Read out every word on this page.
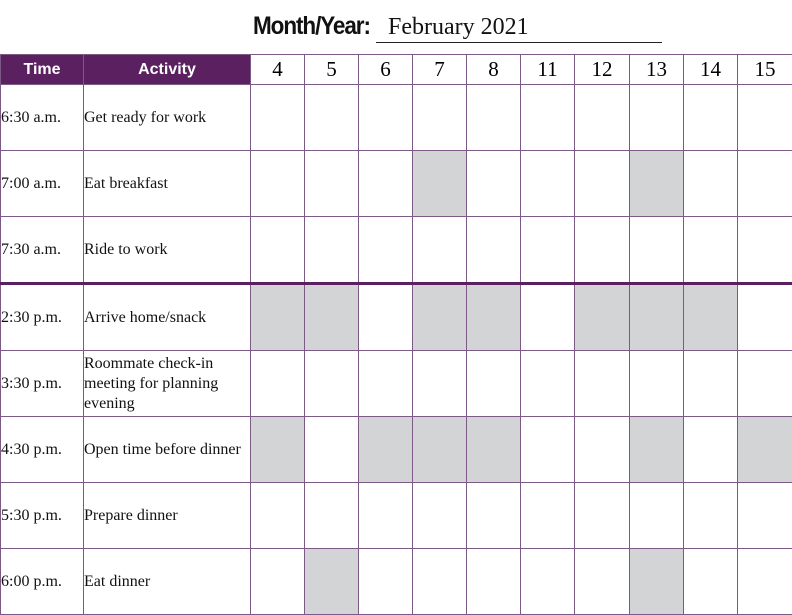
Month/Year: February 2021
Time	Activity	4	5	6	7	8	11	12	13	14	15
6:30 a.m.	Get ready for work										
7:00 a.m.	Eat breakfast										
7:30 a.m.	Ride to work										
2:30 p.m.	Arrive home/snack										
3:30 p.m.	Roommate check-in meeting for planning evening										
4:30 p.m.	Open time before dinner										
5:30 p.m.	Prepare dinner										
6:00 p.m.	Eat dinner										
